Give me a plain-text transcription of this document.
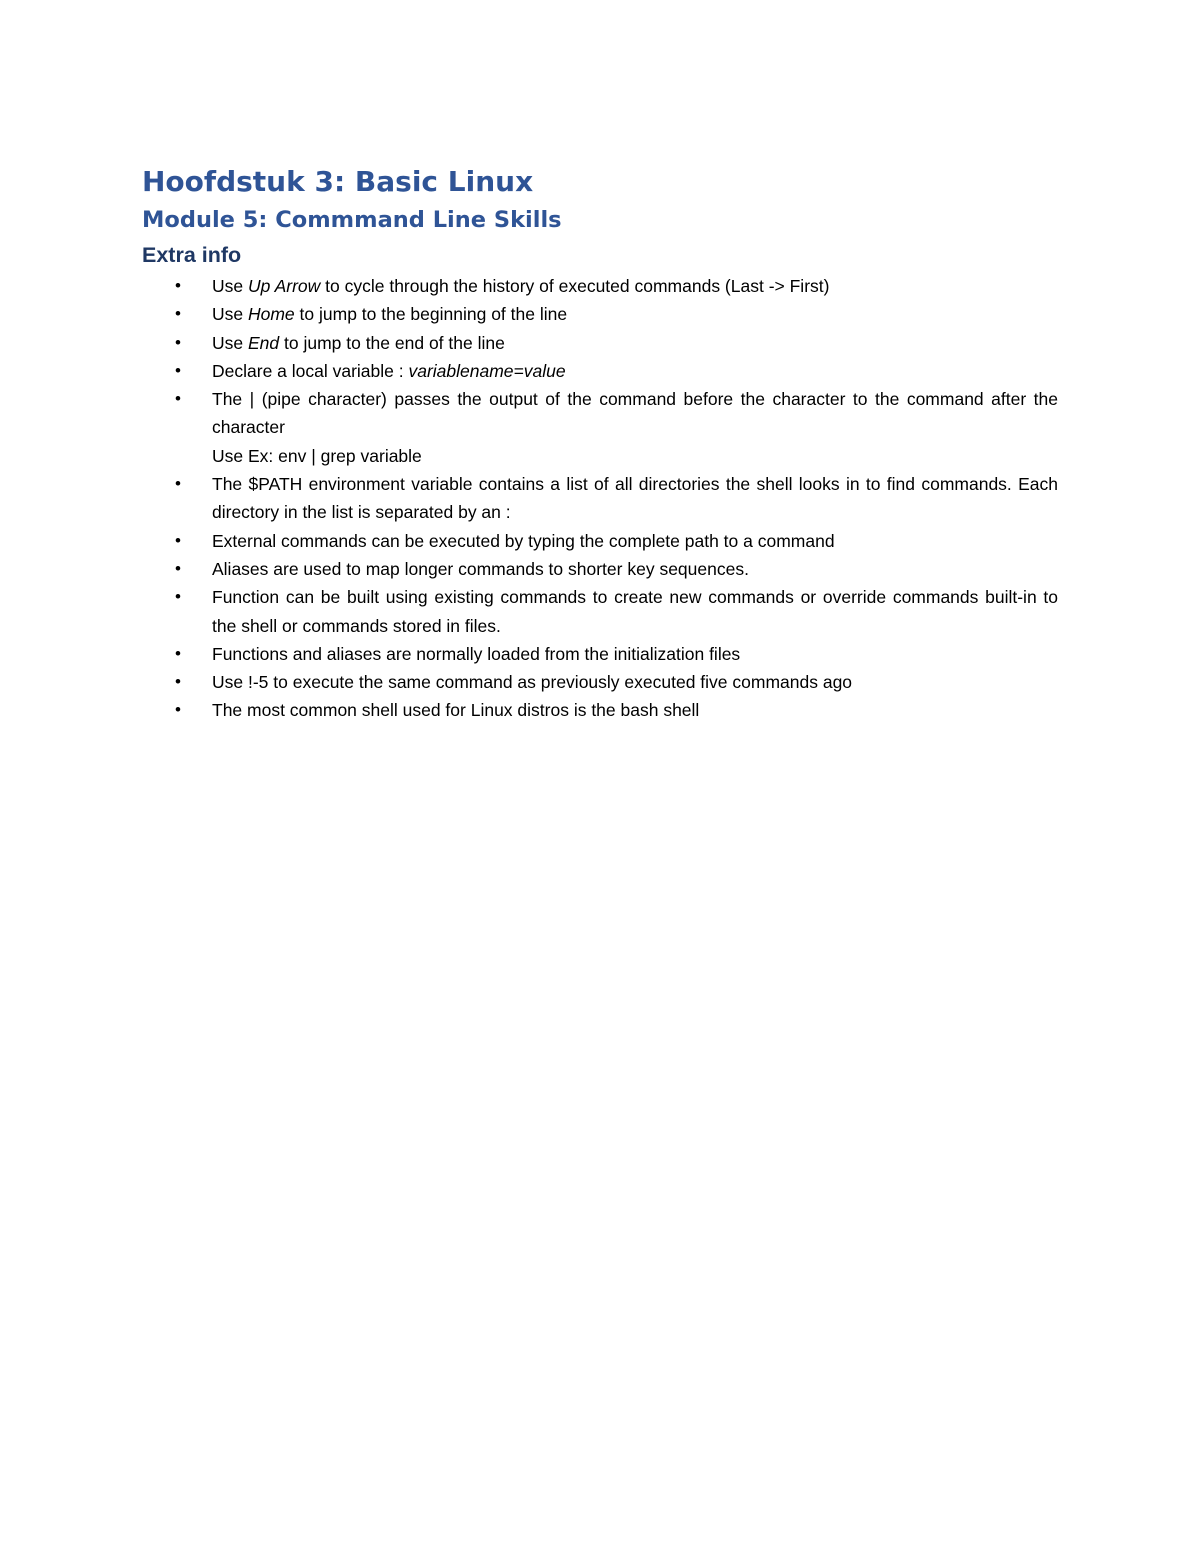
Hoofdstuk 3: Basic Linux
Module 5: Commmand Line Skills
Extra info
• Use Up Arrow to cycle through the history of executed commands (Last -> First)
• Use Home to jump to the beginning of the line
• Use End to jump to the end of the line
• Declare a local variable : variablename=value
• The | (pipe character) passes the output of the command before the character to the command after the character
Use Ex: env | grep variable
• The $PATH environment variable contains a list of all directories the shell looks in to find commands. Each directory in the list is separated by an :
• External commands can be executed by typing the complete path to a command
• Aliases are used to map longer commands to shorter key sequences.
• Function can be built using existing commands to create new commands or override commands built-in to the shell or commands stored in files.
• Functions and aliases are normally loaded from the initialization files
• Use !-5 to execute the same command as previously executed five commands ago
• The most common shell used for Linux distros is the bash shell
